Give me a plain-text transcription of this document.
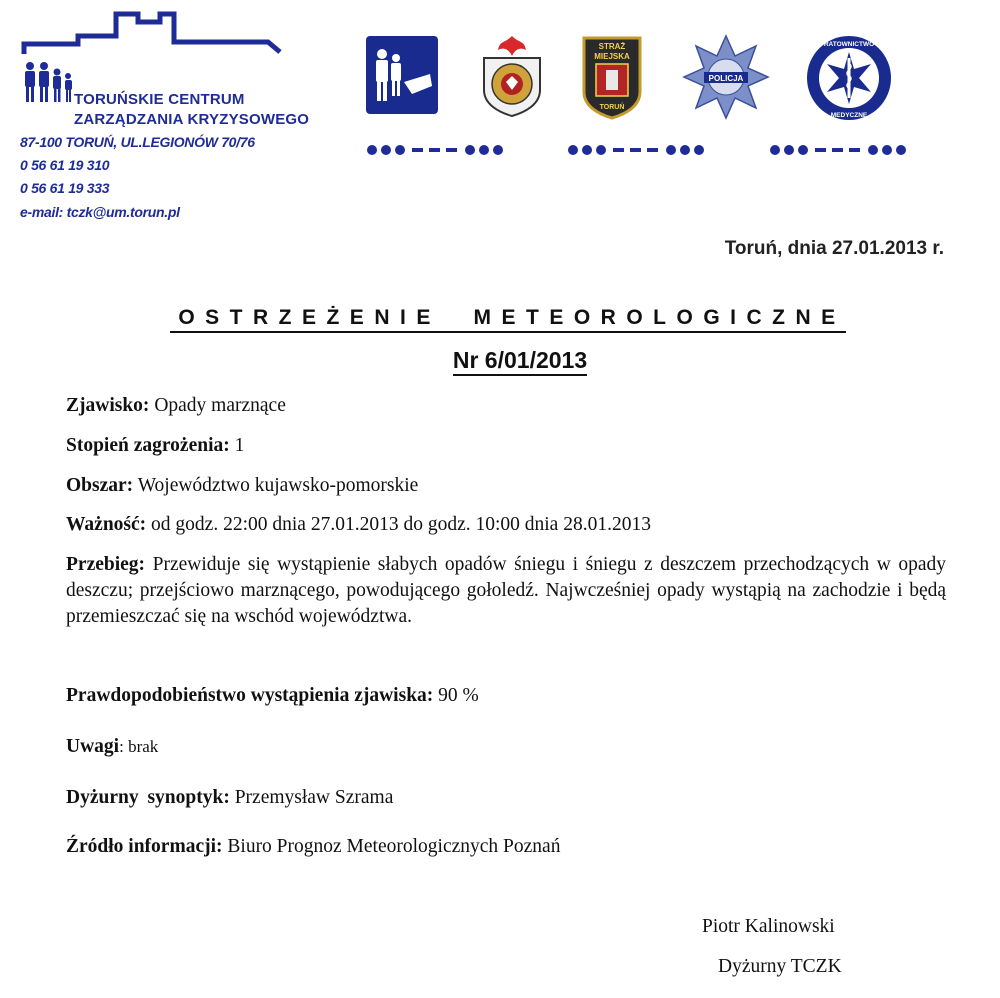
TORUŃSKIE CENTRUM
ZARZĄDZANIA KRYZYSOWEGO
87-100 TORUŃ, UL.LEGIONÓW 70/76
0 56 61 19 310
0 56 61 19 333
e-mail: tczk@um.torun.pl
STRAŻ
MIEJSKA
TORUŃ
POLICJA
RATOWNICTWO
MEDYCZNE
Toruń, dnia 27.01.2013 r.
OSTRZEŻENIE  METEOROLOGICZNE
Nr 6/01/2013
Zjawisko: Opady marznące
Stopień zagrożenia: 1
Obszar: Województwo kujawsko-pomorskie
Ważność: od godz. 22:00 dnia 27.01.2013 do godz. 10:00 dnia 28.01.2013
Przebieg: Przewiduje się wystąpienie słabych opadów śniegu i śniegu z deszczem przechodzących w opady deszczu; przejściowo marznącego, powodującego gołoledź. Najwcześniej opady wystąpią na zachodzie i będą przemieszczać się na wschód województwa.
Prawdopodobieństwo wystąpienia zjawiska: 90 %
Uwagi: brak
Dyżurny synoptyk: Przemysław Szrama
Źródło informacji: Biuro Prognoz Meteorologicznych Poznań
Piotr Kalinowski
Dyżurny TCZK
